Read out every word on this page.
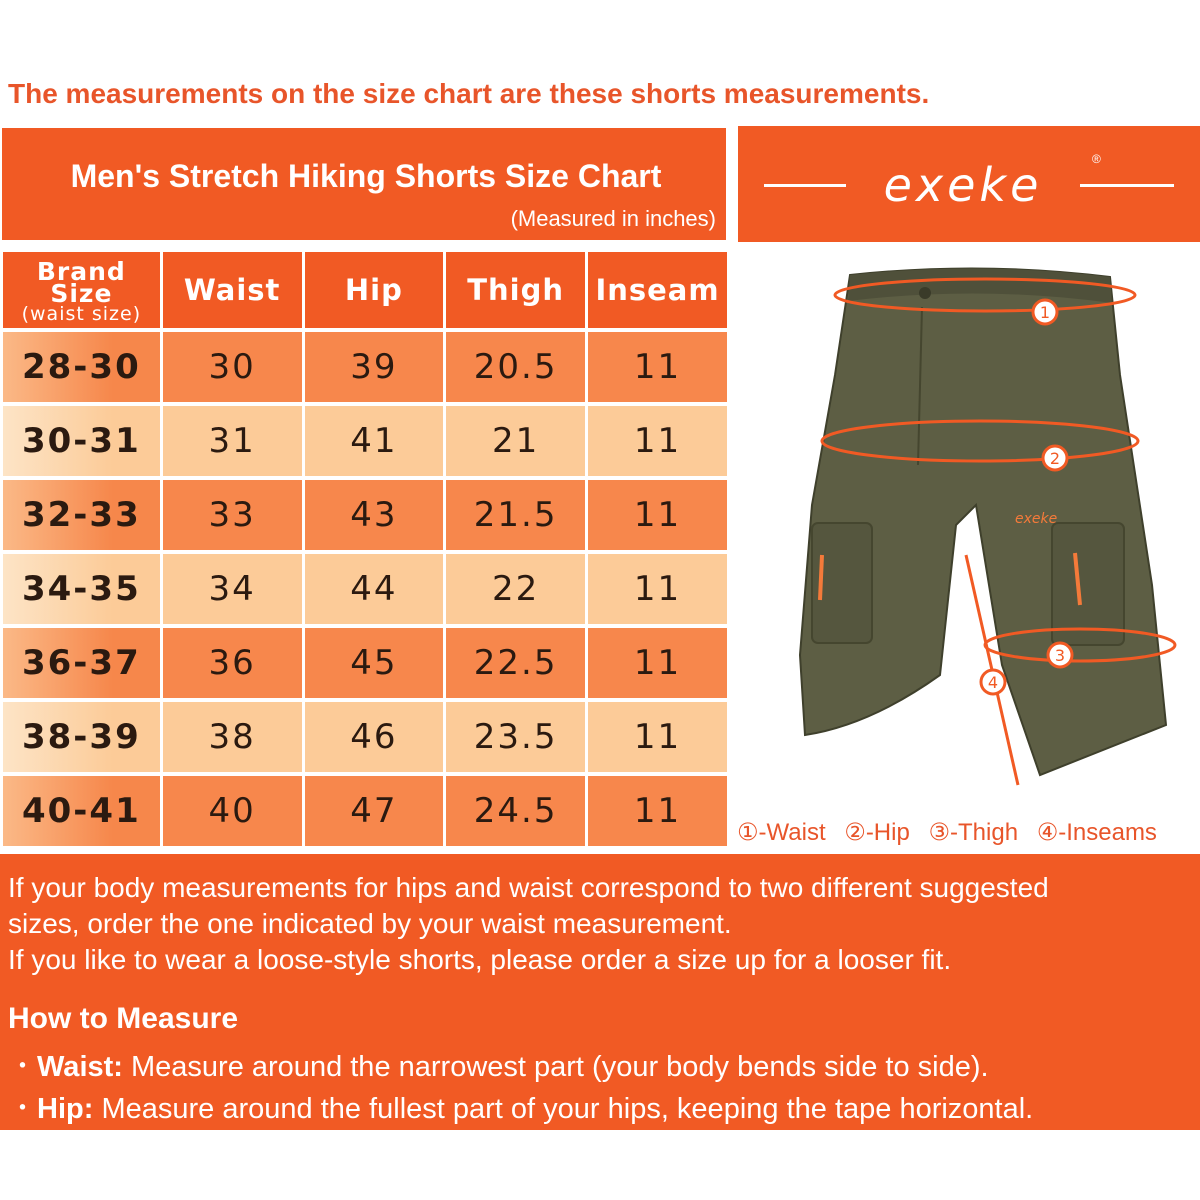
The measurements on the size chart are these shorts measurements.
Men's Stretch Hiking Shorts Size Chart
(Measured in inches)
exeke	®
Brand Size
(waist size)	Waist	Hip	Thigh	Inseam
28-30	30	39	20.5	11
30-31	31	41	21	11
32-33	33	43	21.5	11
34-35	34	44	22	11
36-37	36	45	22.5	11
38-39	38	46	23.5	11
40-41	40	47	24.5	11
exeke
1
2
3
4
①-Waist ②-Hip ③-Thigh ④-Inseams
If your body measurements for hips and waist correspond to two different suggested
sizes, order the one indicated by your waist measurement.
If you like to wear a loose-style shorts, please order a size up for a looser fit.
How to Measure
・Waist: Measure around the narrowest part (your body bends side to side).
・Hip: Measure around the fullest part of your hips, keeping the tape horizontal.
